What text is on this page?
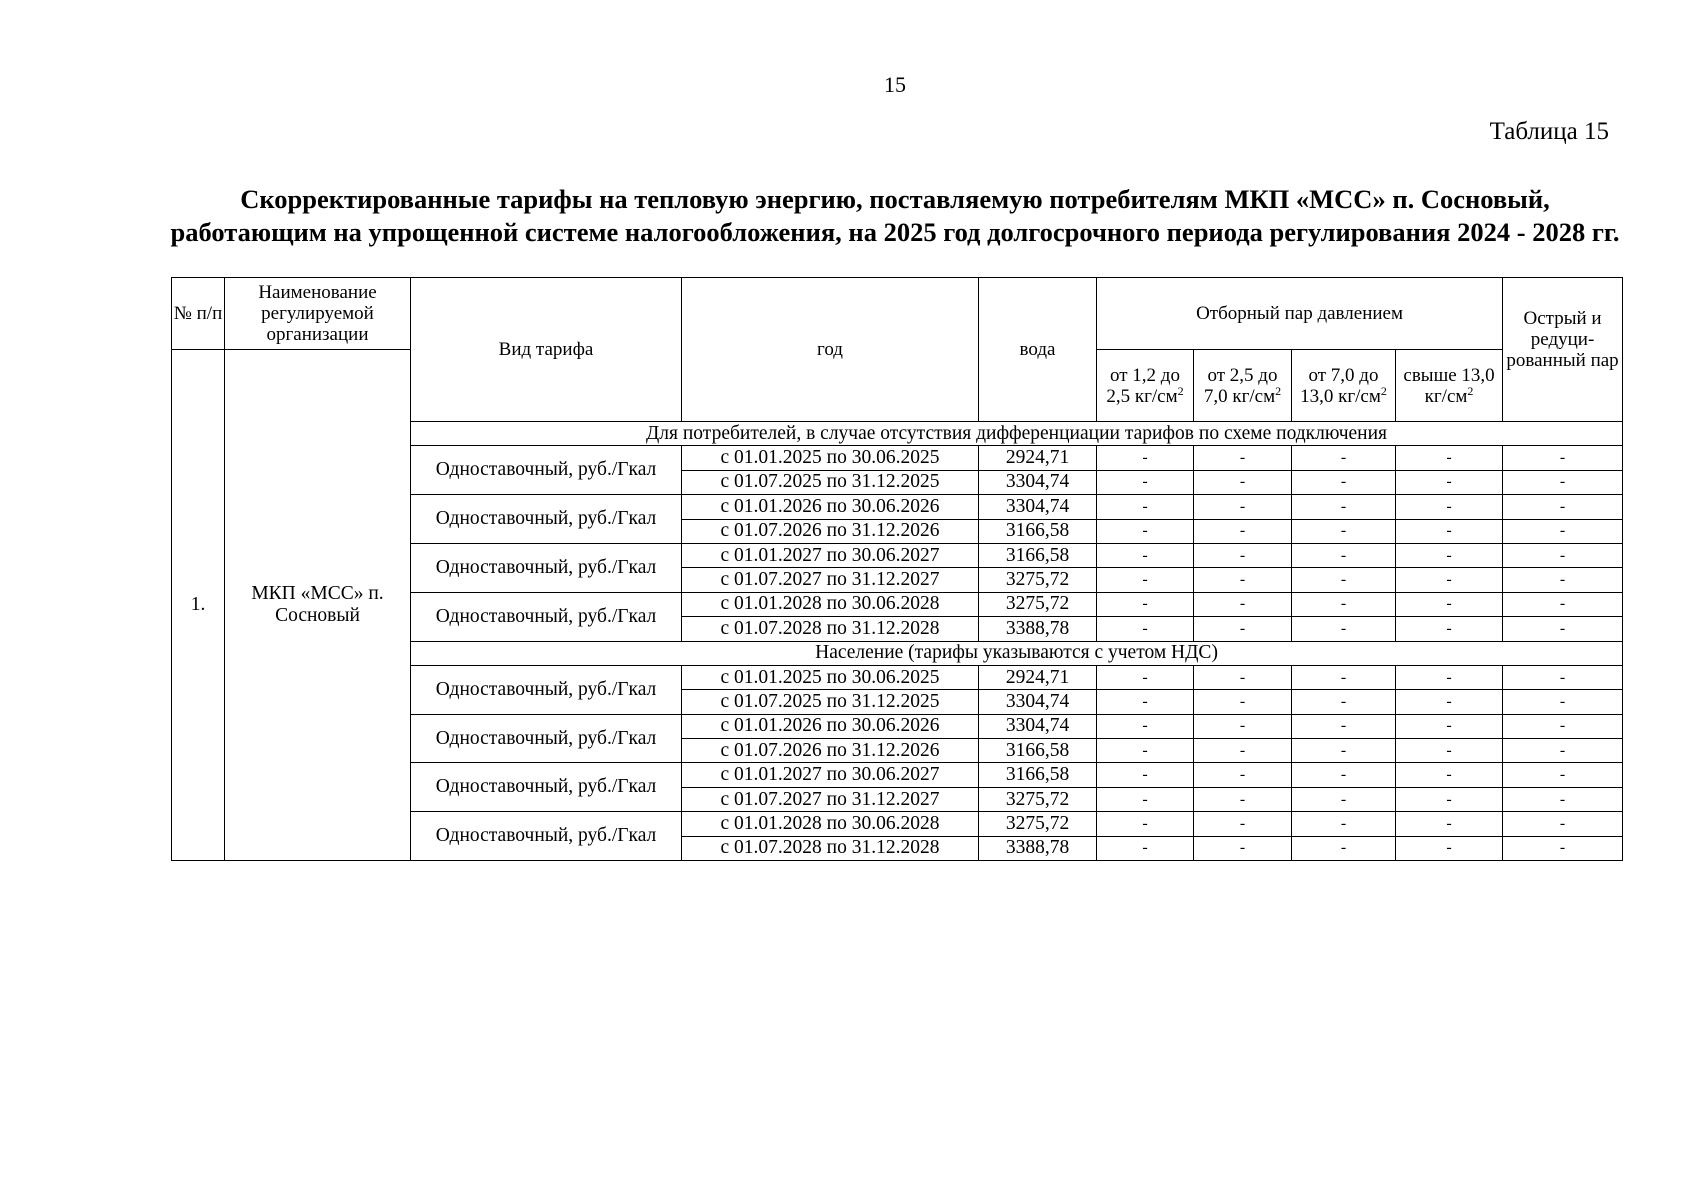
15
Таблица 15
Скорректированные тарифы на тепловую энергию, поставляемую потребителям МКП «МСС» п. Сосновый, работающим на упрощенной системе налогообложения, на 2025 год долгосрочного периода регулирования 2024 - 2028 гг.
№ п/п	Наименование регулируемой организации	Вид тарифа	год	вода	Отборный пар давлением				Острый и редуци-рованный пар

1.	МКП «МСС» п. Сосновый				от 1,2 до 2,5 $кг/см^2$	от 2,5 до 7,0 $кг/см^2$	от 7,0 до 13,0 $кг/см^2$	свыше 13,0 $кг/см^2$
		Для потребителей, в случае отсутствия дифференциации тарифов по схеме подключения							
		Одноставочный, руб./Гкал	с 01.01.2025 по 30.06.2025	2924,71	-	-	-	-	-
			с 01.07.2025 по 31.12.2025	3304,74	-	-	-	-	-
		Одноставочный, руб./Гкал	с 01.01.2026 по 30.06.2026	3304,74	-	-	-	-	-
			с 01.07.2026 по 31.12.2026	3166,58	-	-	-	-	-
		Одноставочный, руб./Гкал	с 01.01.2027 по 30.06.2027	3166,58	-	-	-	-	-
			с 01.07.2027 по 31.12.2027	3275,72	-	-	-	-	-
		Одноставочный, руб./Гкал	с 01.01.2028 по 30.06.2028	3275,72	-	-	-	-	-
			с 01.07.2028 по 31.12.2028	3388,78	-	-	-	-	-
		Население (тарифы указываются с учетом НДС)							
		Одноставочный, руб./Гкал	с 01.01.2025 по 30.06.2025	2924,71	-	-	-	-	-
			с 01.07.2025 по 31.12.2025	3304,74	-	-	-	-	-
		Одноставочный, руб./Гкал	с 01.01.2026 по 30.06.2026	3304,74	-	-	-	-	-
			с 01.07.2026 по 31.12.2026	3166,58	-	-	-	-	-
		Одноставочный, руб./Гкал	с 01.01.2027 по 30.06.2027	3166,58	-	-	-	-	-
			с 01.07.2027 по 31.12.2027	3275,72	-	-	-	-	-
		Одноставочный, руб./Гкал	с 01.01.2028 по 30.06.2028	3275,72	-	-	-	-	-
			с 01.07.2028 по 31.12.2028	3388,78	-	-	-	-	-
